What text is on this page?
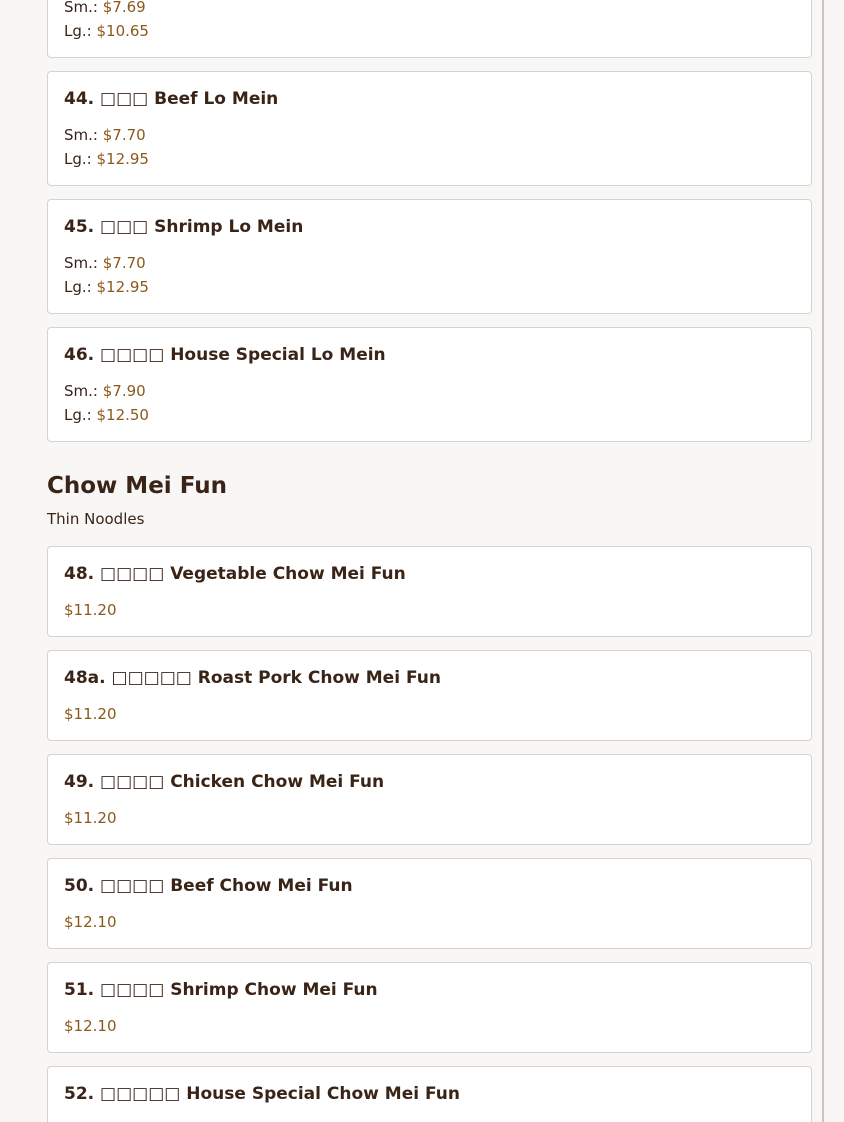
Sm.: $7.69
Lg.: $10.65
44. □□□ Beef Lo Mein
Sm.: $7.70
Lg.: $12.95
45. □□□ Shrimp Lo Mein
Sm.: $7.70
Lg.: $12.95
46. □□□□ House Special Lo Mein
Sm.: $7.90
Lg.: $12.50
Chow Mei Fun
Thin Noodles
48. □□□□ Vegetable Chow Mei Fun
$11.20
48a. □□□□□ Roast Pork Chow Mei Fun
$11.20
49. □□□□ Chicken Chow Mei Fun
$11.20
50. □□□□ Beef Chow Mei Fun
$12.10
51. □□□□ Shrimp Chow Mei Fun
$12.10
52. □□□□□ House Special Chow Mei Fun
